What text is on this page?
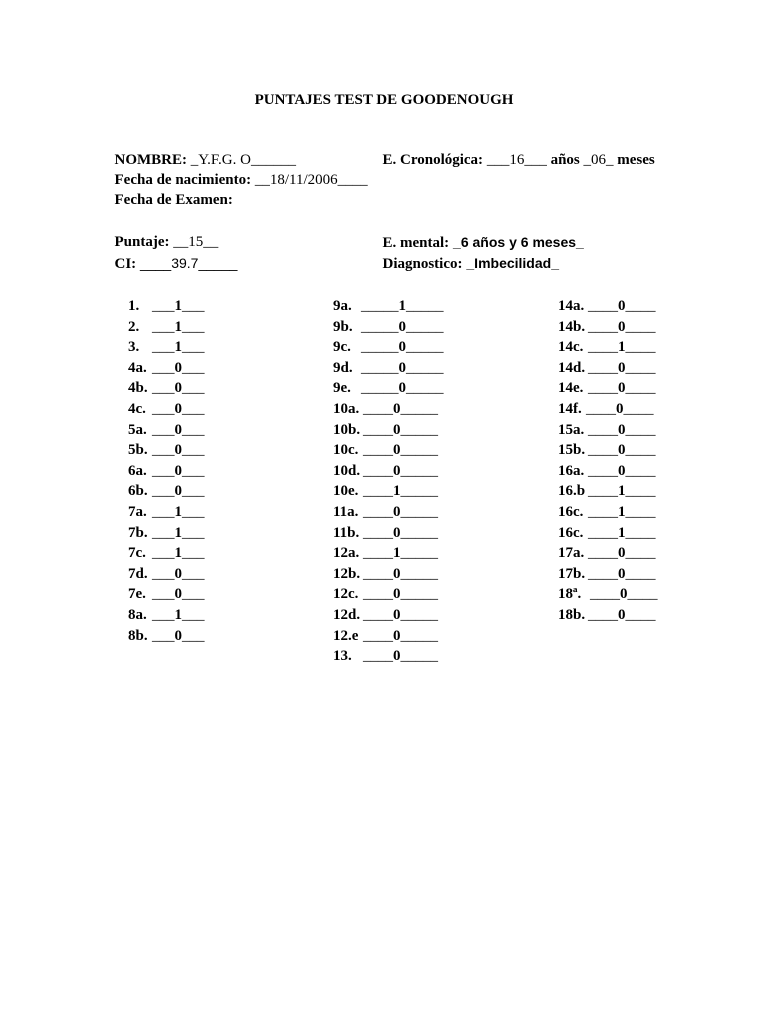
PUNTAJES TEST DE GOODENOUGH

NOMBRE: _Y.F.G. O______	E. Cronológica: ___16___ años _06_ meses

Fecha de nacimiento: __18/11/2006____

Fecha de Examen:

Puntaje: __15__	E. mental: _6 años y 6 meses_

CI: ____39.7_____	Diagnostico: _Imbecilidad_

1. ___1___
2. ___1___
3. ___1___
4a. ___0___
4b. ___0___
4c. ___0___
5a. ___0___
5b. ___0___
6a. ___0___
6b. ___0___
7a. ___1___
7b. ___1___
7c. ___1___
7d. ___0___
7e. ___0___
8a. ___1___
8b. ___0___
9a. _____1_____
9b. _____0_____
9c. _____0_____
9d. _____0_____
9e. _____0_____
10a. ____0_____
10b. ____0_____
10c. ____0_____
10d. ____0_____
10e. ____1_____
11a. ____0_____
11b. ____0_____
12a. ____1_____
12b. ____0_____
12c. ____0_____
12d. ____0_____
12.e ____0_____
13. ____0_____
14a. ____0____
14b. ____0____
14c. ____1____
14d. ____0____
14e. ____0____
14f. ____0____
15a. ____0____
15b. ____0____
16a. ____0____
16.b ____1____
16c. ____1____
16c. ____1____
17a. ____0____
17b. ____0____
18ª. ____0____
18b. ____0____
